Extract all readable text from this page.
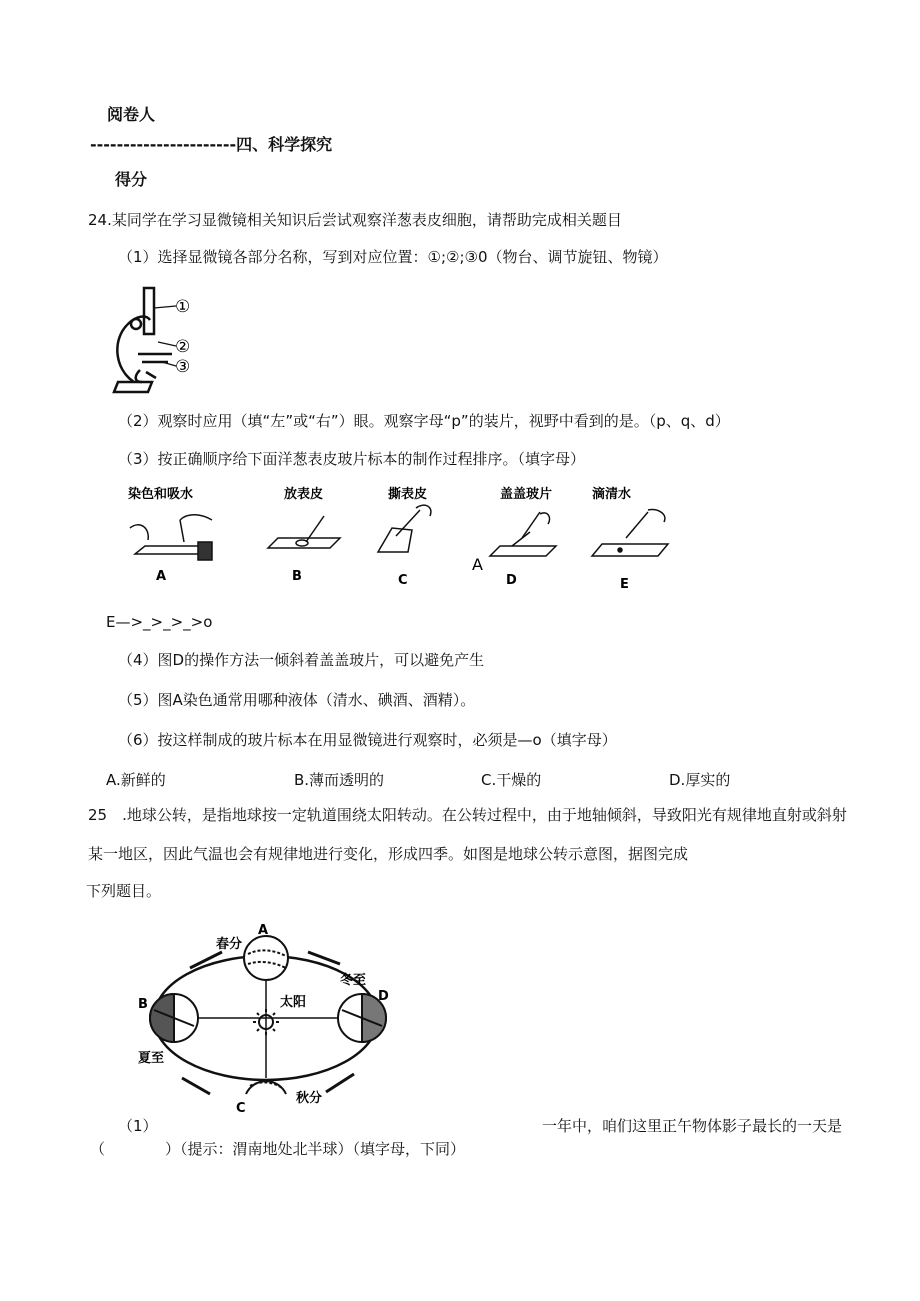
阅卷人
----------------------四、科学探究
得分
24.某同学在学习显微镜相关知识后尝试观察洋葱表皮细胞，请帮助完成相关题目
（1）选择显微镜各部分名称，写到对应位置：①;②;③0（物台、调节旋钮、物镜）
①
②
③
（2）观察时应用（填“左”或“右”）眼。观察字母“p”的装片，视野中看到的是。（p、q、d）
（3）按正确顺序给下面洋葱表皮玻片标本的制作过程排序。（填字母）
染色和吸水
A
放表皮
B
撕表皮
C
A
盖盖玻片
D
滴清水
E
E—>_>_>_>o
（4）图D的操作方法一倾斜着盖盖玻片，可以避免产生
（5）图A染色通常用哪种液体（清水、碘酒、酒精）。
（6）按这样制成的玻片标本在用显微镜进行观察时，必须是—o（填字母）
A.新鲜的	B.薄而透明的	C.干燥的	D.厚实的
25　.地球公转，是指地球按一定轨道围绕太阳转动。在公转过程中，由于地轴倾斜，导致阳光有规律地直射或斜射
某一地区，因此气温也会有规律地进行变化，形成四季。如图是地球公转示意图，据图完成
下列题目。
春分
A
冬至
D
B	太阳
夏至
C
秋分
（1）	一年中，咱们这里正午物体影子最长的一天是
（　　　　）（提示：渭南地处北半球）（填字母，下同）
